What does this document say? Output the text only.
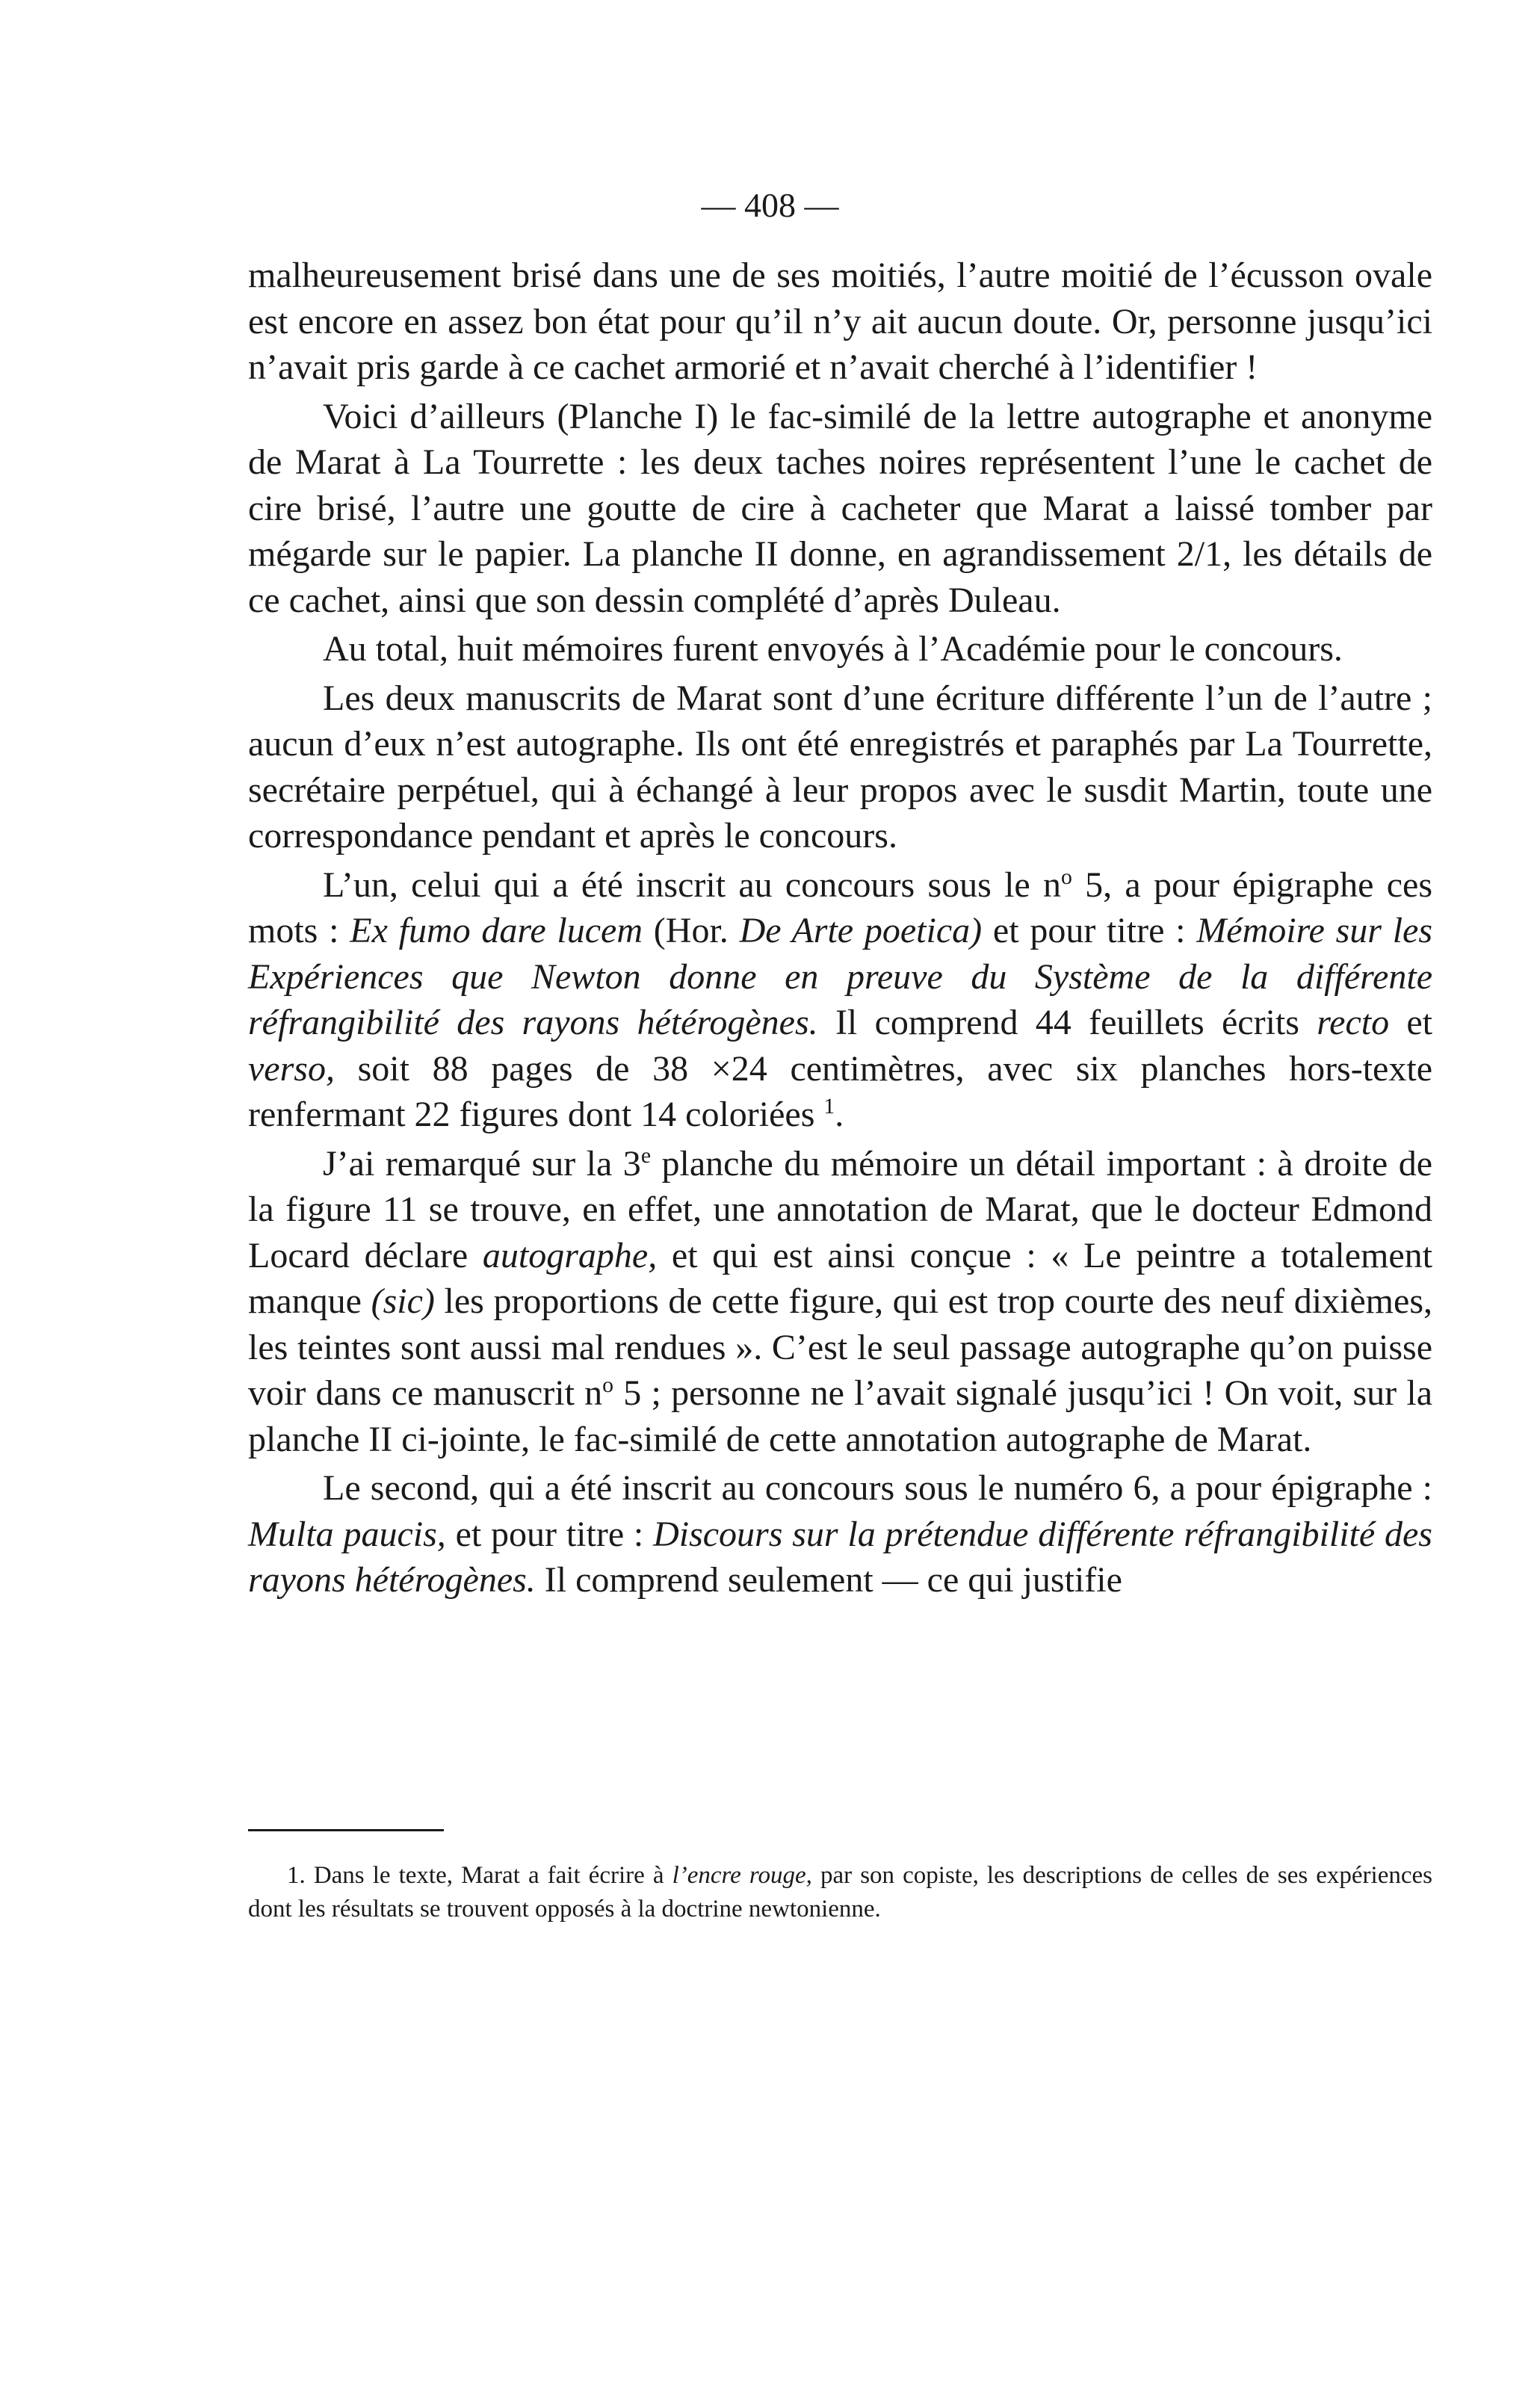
— 408 —

malheureusement brisé dans une de ses moitiés, l’autre moitié de l’écusson ovale est encore en assez bon état pour qu’il n’y ait aucun doute. Or, personne jusqu’ici n’avait pris garde à ce cachet armorié et n’avait cherché à l’identifier !

Voici d’ailleurs (Planche I) le fac-similé de la lettre autographe et anonyme de Marat à La Tourrette : les deux taches noires représentent l’une le cachet de cire brisé, l’autre une goutte de cire à cacheter que Marat a laissé tomber par mégarde sur le papier. La planche II donne, en agrandissement 2/1, les détails de ce cachet, ainsi que son dessin complété d’après Duleau.

Au total, huit mémoires furent envoyés à l’Académie pour le concours.

Les deux manuscrits de Marat sont d’une écriture différente l’un de l’autre ; aucun d’eux n’est autographe. Ils ont été enregistrés et paraphés par La Tourrette, secrétaire perpétuel, qui à échangé à leur propos avec le susdit Martin, toute une correspondance pendant et après le concours.

L’un, celui qui a été inscrit au concours sous le $n^o$ 5, a pour épigraphe ces mots : Ex fumo dare lucem (Hor. De Arte poetica) et pour titre : Mémoire sur les Expériences que Newton donne en preuve du Système de la différente réfrangibilité des rayons hétérogènes. Il comprend 44 feuillets écrits recto et verso, soit 88 pages de 38 ×24 centimètres, avec six planches hors-texte renfermant 22 figures dont 14 coloriées $^1$.

J’ai remarqué sur la 3e planche du mémoire un détail important : à droite de la figure 11 se trouve, en effet, une annotation de Marat, que le docteur Edmond Locard déclare autographe, et qui est ainsi conçue : « Le peintre a totalement manque (sic) les proportions de cette figure, qui est trop courte des neuf dixièmes, les teintes sont aussi mal rendues ». C’est le seul passage autographe qu’on puisse voir dans ce manuscrit $n^o$ 5 ; personne ne l’avait signalé jusqu’ici ! On voit, sur la planche II ci-jointe, le fac-similé de cette annotation autographe de Marat.

Le second, qui a été inscrit au concours sous le numéro 6, a pour épigraphe : Multa paucis, et pour titre : Discours sur la prétendue différente réfrangibilité des rayons hétérogènes. Il comprend seulement — ce qui justifie

1. Dans le texte, Marat a fait écrire à l’encre rouge, par son copiste, les descriptions de celles de ses expériences dont les résultats se trouvent opposés à la doctrine newtonienne.
